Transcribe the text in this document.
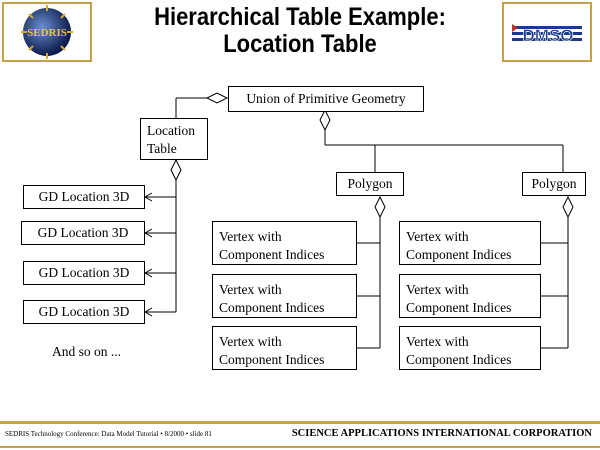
SEDRIS
Hierarchical Table Example:
Location Table	DMSO
Union of Primitive Geometry
Location
Table
Polygon	Polygon
GD Location 3D
GD Location 3D
GD Location 3D
GD Location 3D
And so on ...
Vertex with
Component Indices
Vertex with
Component Indices
Vertex with
Component Indices
Vertex with
Component Indices
Vertex with
Component Indices
Vertex with
Component Indices
SEDRIS Technology Conference: Data Model Tutorial • 8/2000 • slide 81	SCIENCE APPLICATIONS INTERNATIONAL CORPORATION
